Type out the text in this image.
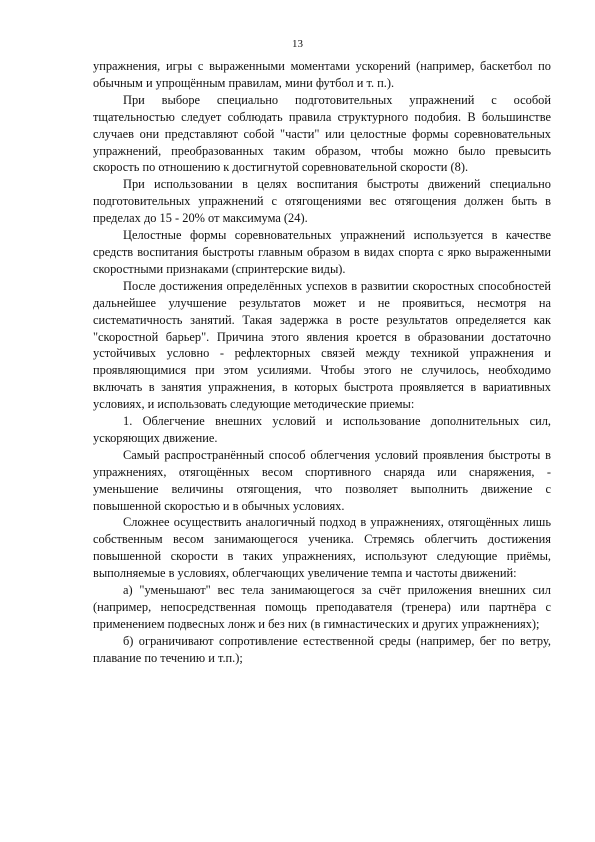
13

упражнения, игры с выраженными моментами ускорений (например, баскетбол по обычным и упрощённым правилам, мини футбол и т. п.).

При выборе специально подготовительных упражнений с особой тщательностью следует соблюдать правила структурного подобия. В большинстве случаев они представляют собой "части" или целостные формы соревновательных упражнений, преобразованных таким образом, чтобы можно было превысить скорость по отношению к достигнутой соревновательной скорости (8).

При использовании в целях воспитания быстроты движений специально подготовительных упражнений с отягощениями вес отягощения должен быть в пределах до 15 - 20% от максимума (24).

Целостные формы соревновательных упражнений используется в качестве средств воспитания быстроты главным образом в видах спорта с ярко выраженными скоростными признаками (спринтерские виды).

После достижения определённых успехов в развитии скоростных способностей дальнейшее улучшение результатов может и не проявиться, несмотря на систематичность занятий. Такая задержка в росте результатов определяется как "скоростной барьер". Причина этого явления кроется в образовании достаточно устойчивых условно - рефлекторных связей между техникой упражнения и проявляющимися при этом усилиями. Чтобы этого не случилось, необходимо включать в занятия упражнения, в которых быстрота проявляется в вариативных условиях, и использовать следующие методические приемы:

1. Облегчение внешних условий и использование дополнительных сил, ускоряющих движение.

Самый распространённый способ облегчения условий проявления быстроты в упражнениях, отягощённых весом спортивного снаряда или снаряжения, - уменьшение величины отягощения, что позволяет выполнить движение с повышенной скоростью и в обычных условиях.

Сложнее осуществить аналогичный подход в упражнениях, отягощённых лишь собственным весом занимающегося ученика. Стремясь облегчить достижения повышенной скорости в таких упражнениях, используют следующие приёмы, выполняемые в условиях, облегчающих увеличение темпа и частоты движений:

а) "уменьшают" вес тела занимающегося за счёт приложения внешних сил (например, непосредственная помощь преподавателя (тренера) или партнёра с применением подвесных лонж и без них (в гимнастических и других упражнениях);

б) ограничивают сопротивление естественной среды (например, бег по ветру, плавание по течению и т.п.);
